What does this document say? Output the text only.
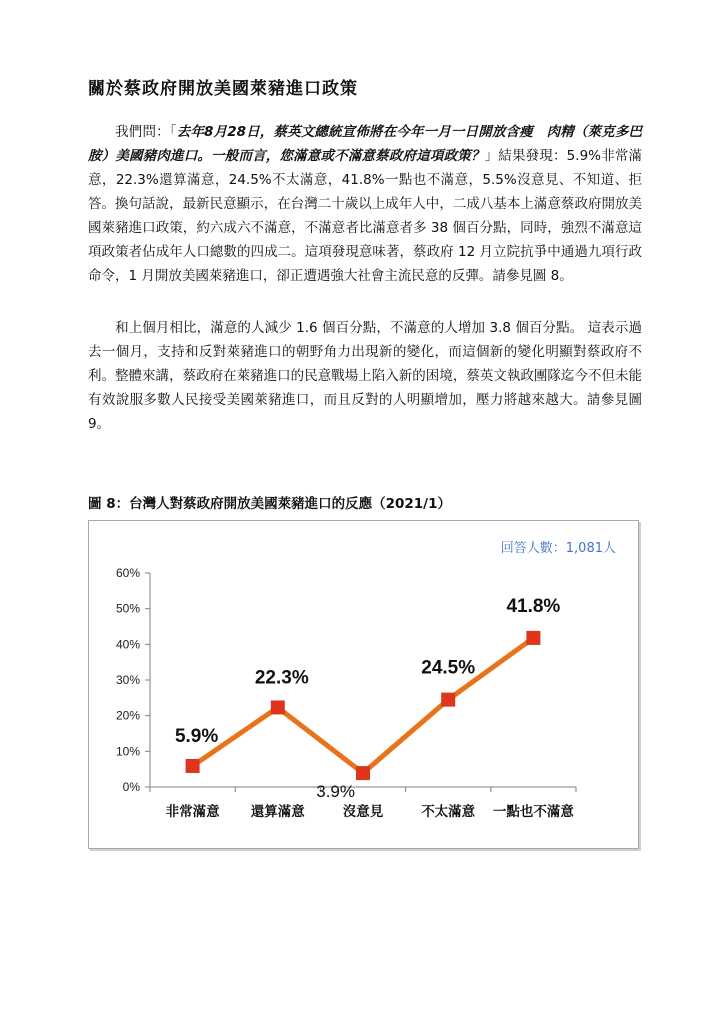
關於蔡政府開放美國萊豬進口政策
我們問：「去年8月28日，蔡英文總統宣佈將在今年一月一日開放含瘦　肉精（萊克多巴胺）美國豬肉進口。一般而言，您滿意或不滿意蔡政府這項政策？」結果發現：5.9%非常滿意，22.3%還算滿意，24.5%不太滿意，41.8%一點也不滿意，5.5%沒意見、不知道、拒答。換句話說，最新民意顯示，在台灣二十歲以上成年人中，二成八基本上滿意蔡政府開放美國萊豬進口政策，約六成六不滿意，不滿意者比滿意者多 38 個百分點，同時，強烈不滿意這項政策者佔成年人口總數的四成二。這項發現意味著，蔡政府 12 月立院抗爭中通過九項行政命令，1 月開放美國萊豬進口，卻正遭遇強大社會主流民意的反彈。請參見圖 8。
和上個月相比，滿意的人減少 1.6 個百分點，不滿意的人增加 3.8 個百分點。 這表示過去一個月，支持和反對萊豬進口的朝野角力出現新的變化，而這個新的變化明顯對蔡政府不利。整體來講，蔡政府在萊豬進口的民意戰場上陷入新的困境，蔡英文執政團隊迄今不但未能有效說服多數人民接受美國萊豬進口，而且反對的人明顯增加，壓力將越來越大。請參見圖 9。
圖 8：台灣人對蔡政府開放美國萊豬進口的反應（2021/1）
回答人數：1,081人
0%
10%
20%
30%
40%
50%
60%
非常滿意 還算滿意	沒意見	不太滿意 一點也不滿意
5.9%
22.3%
3.9%
24.5%
41.8%
